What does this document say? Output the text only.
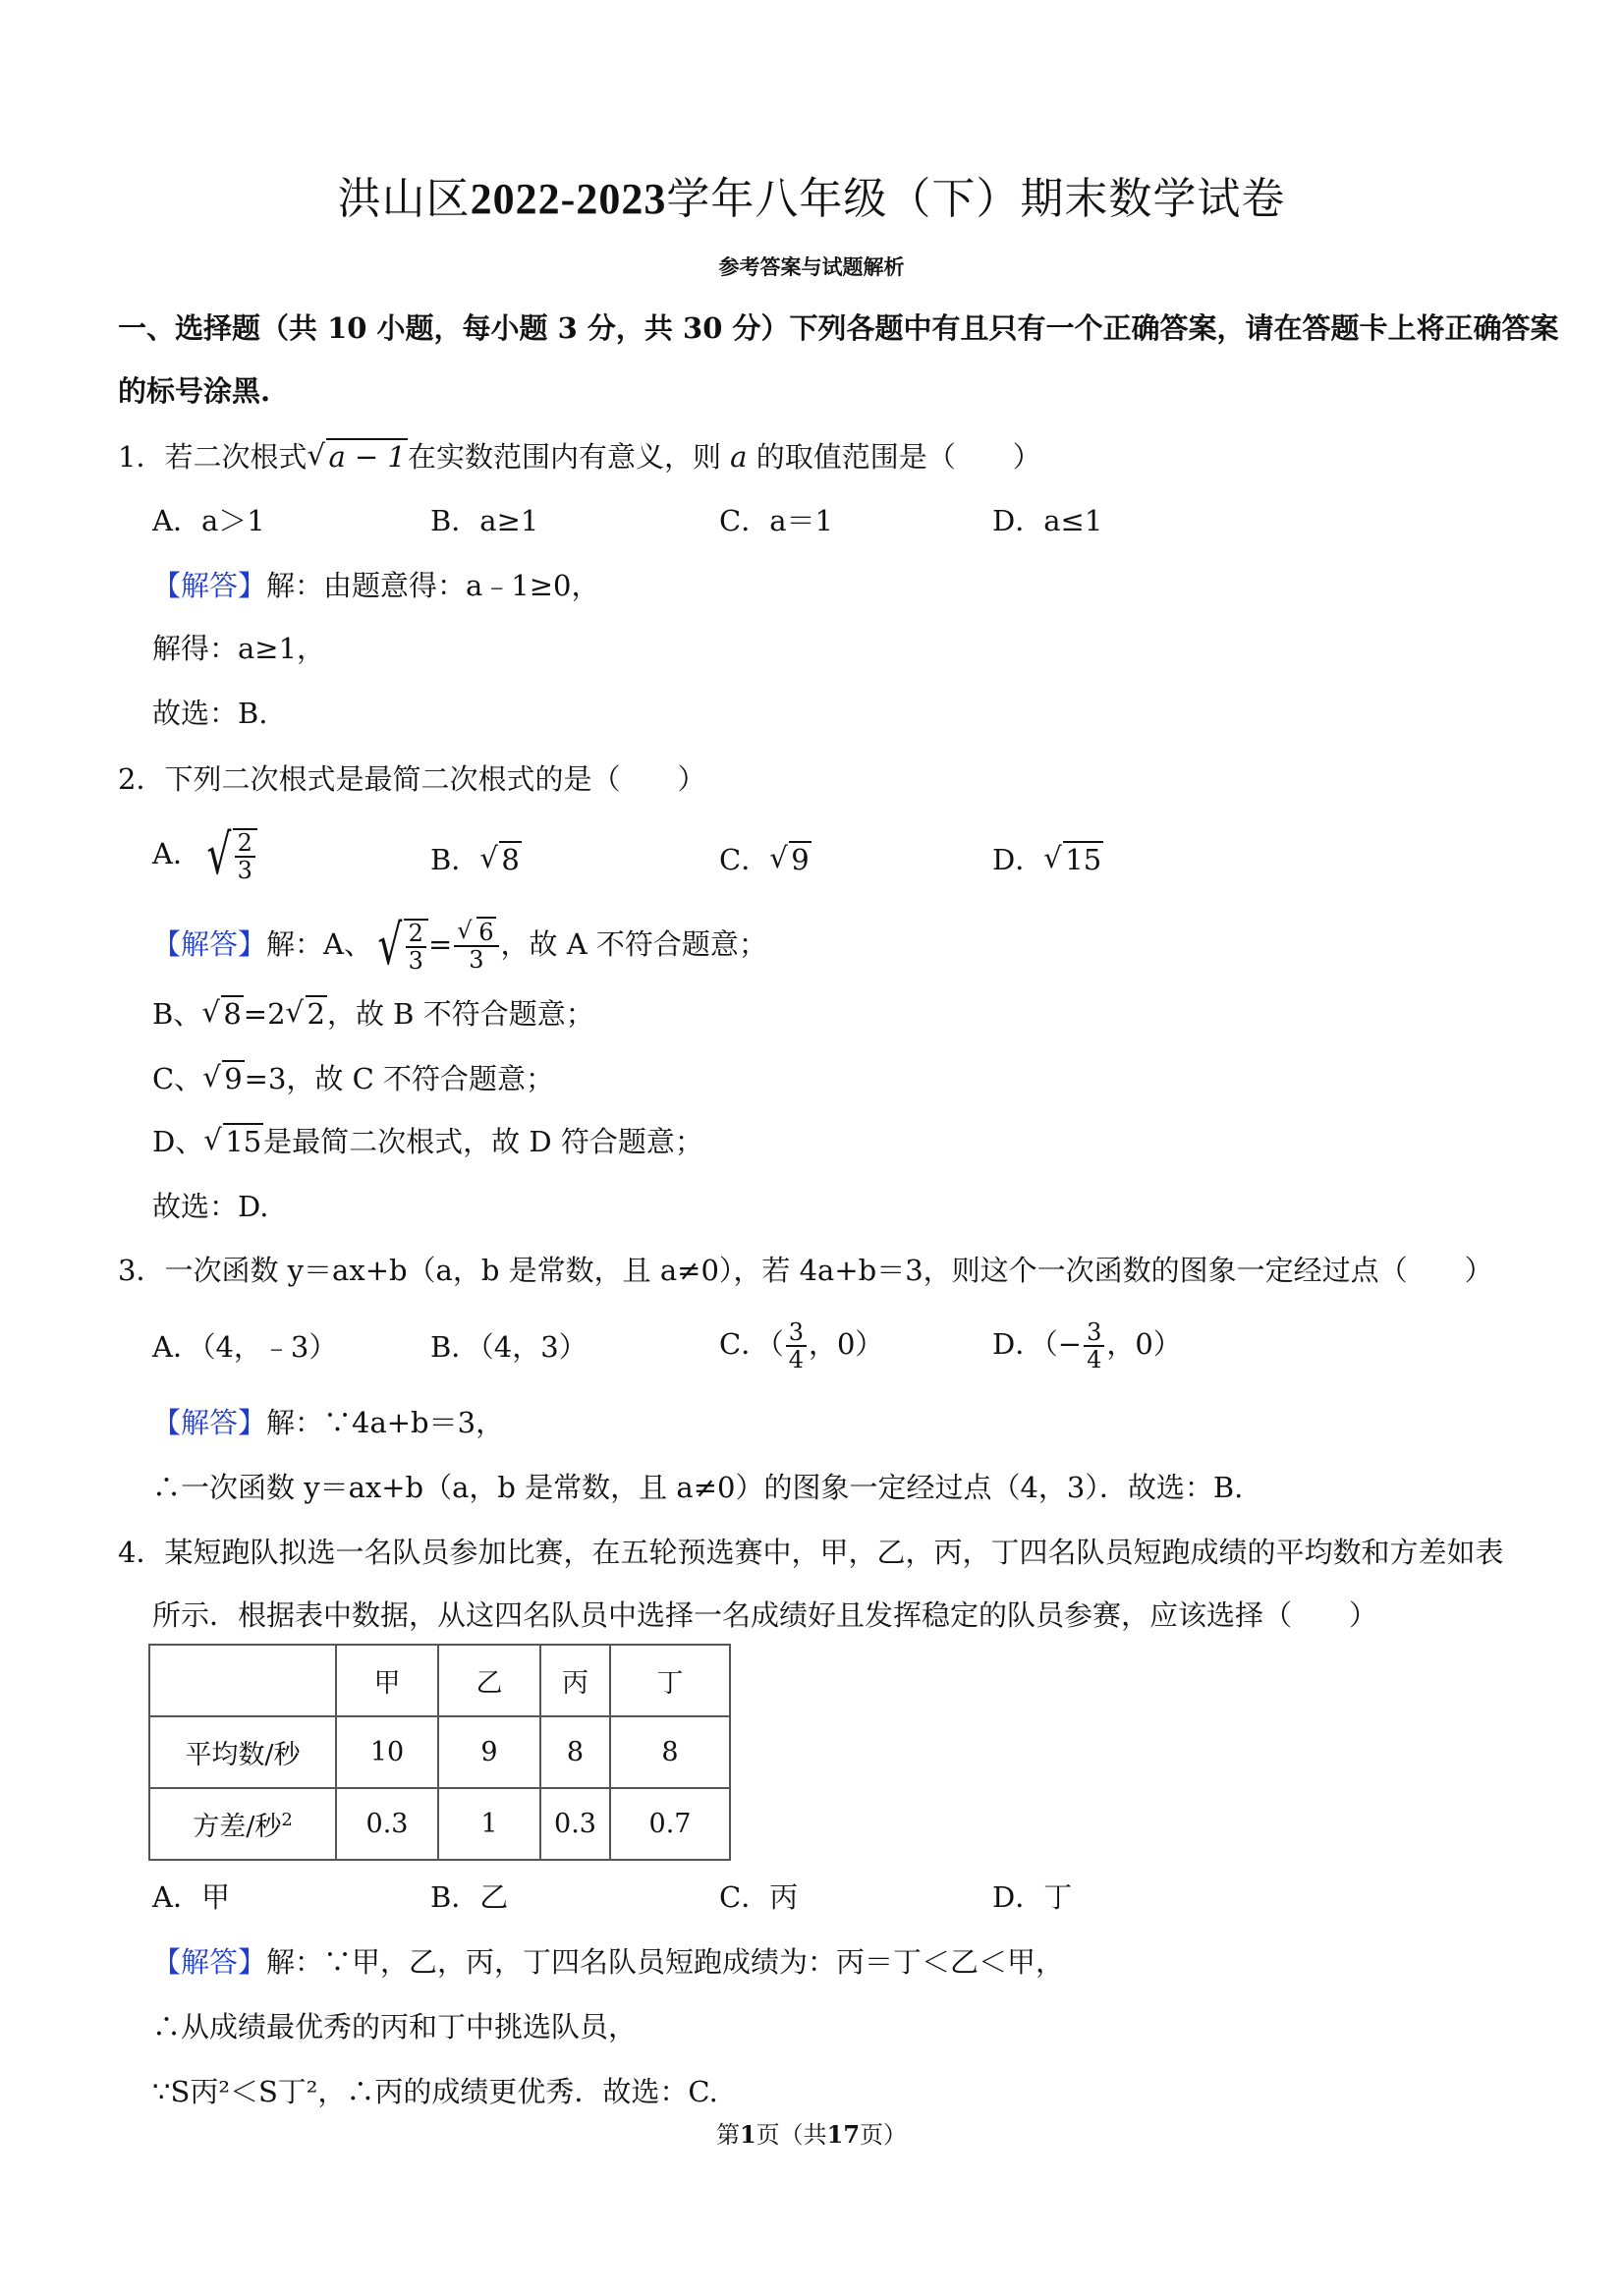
洪山区2022-2023学年八年级（下）期末数学试卷
参考答案与试题解析
一、选择题（共 10 小题，每小题 3 分，共 30 分）下列各题中有且只有一个正确答案，请在答题卡上将正确答案
的标号涂黑.
1．若二次根式 √ a − 1在实数范围内有意义，则 a 的取值范围是（　　）
A．a＞1	B．a≥1	C．a＝1	D．a≤1
【解答】解：由题意得：a﹣1≥0，
解得：a≥1，
故选：B.
2．下列二次根式是最简二次根式的是（　　）
A． √ $\frac{2}{3}$	B． √ 8	C． √ 9	D． √ 15
【解答】解：A、 √ $\frac{2}{3}$ = √ $\frac{6}{3}$ ，故 A 不符合题意；
B、 √ 8=2 √ 2，故 B 不符合题意；
C、 √ 9=3，故 C 不符合题意；
D、 √ 15是最简二次根式，故 D 符合题意；
故选：D.
3．一次函数 y＝ax+b（a，b 是常数，且 a≠0），若 4a+b＝3，则这个一次函数的图象一定经过点（　　）
A．（4，﹣3）	B．（4，3）	C．（ $\frac{3}{4}$ ，0）	D．（− $\frac{3}{4}$ ，0）
【解答】解：∵4a+b＝3，
∴一次函数 y＝ax+b（a，b 是常数，且 a≠0）的图象一定经过点（4，3）．故选：B.
4．某短跑队拟选一名队员参加比赛，在五轮预选赛中，甲，乙，丙，丁四名队员短跑成绩的平均数和方差如表
所示．根据表中数据，从这四名队员中选择一名成绩好且发挥稳定的队员参赛，应该选择（　　）
	甲	乙	丙	丁
平均数/秒	10	9	8	8
方差/秒$^2$	0.3	1	0.3	0.7
A．甲	B．乙	C．丙	D．丁
【解答】解：∵甲，乙，丙，丁四名队员短跑成绩为：丙＝丁＜乙＜甲，
∴从成绩最优秀的丙和丁中挑选队员，
∵S丙²＜S丁²，∴丙的成绩更优秀．故选：C.
第1页（共17页）
